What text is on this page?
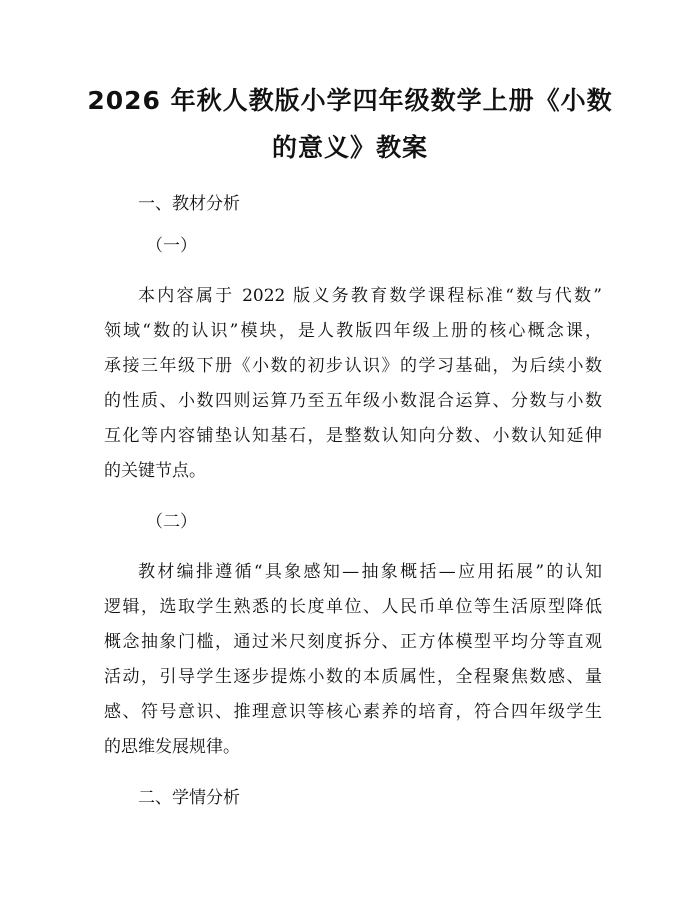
2026 年秋人教版小学四年级数学上册《小数
的意义》教案
一、教材分析
（一）
本内容属于 2022 版义务教育数学课程标准“数与代数”
领域“数的认识”模块，是人教版四年级上册的核心概念课，
承接三年级下册《小数的初步认识》的学习基础，为后续小数
的性质、小数四则运算乃至五年级小数混合运算、分数与小数
互化等内容铺垫认知基石，是整数认知向分数、小数认知延伸
的关键节点。
（二）
教材编排遵循“具象感知—抽象概括—应用拓展”的认知
逻辑，选取学生熟悉的长度单位、人民币单位等生活原型降低
概念抽象门槛，通过米尺刻度拆分、正方体模型平均分等直观
活动，引导学生逐步提炼小数的本质属性，全程聚焦数感、量
感、符号意识、推理意识等核心素养的培育，符合四年级学生
的思维发展规律。
二、学情分析
